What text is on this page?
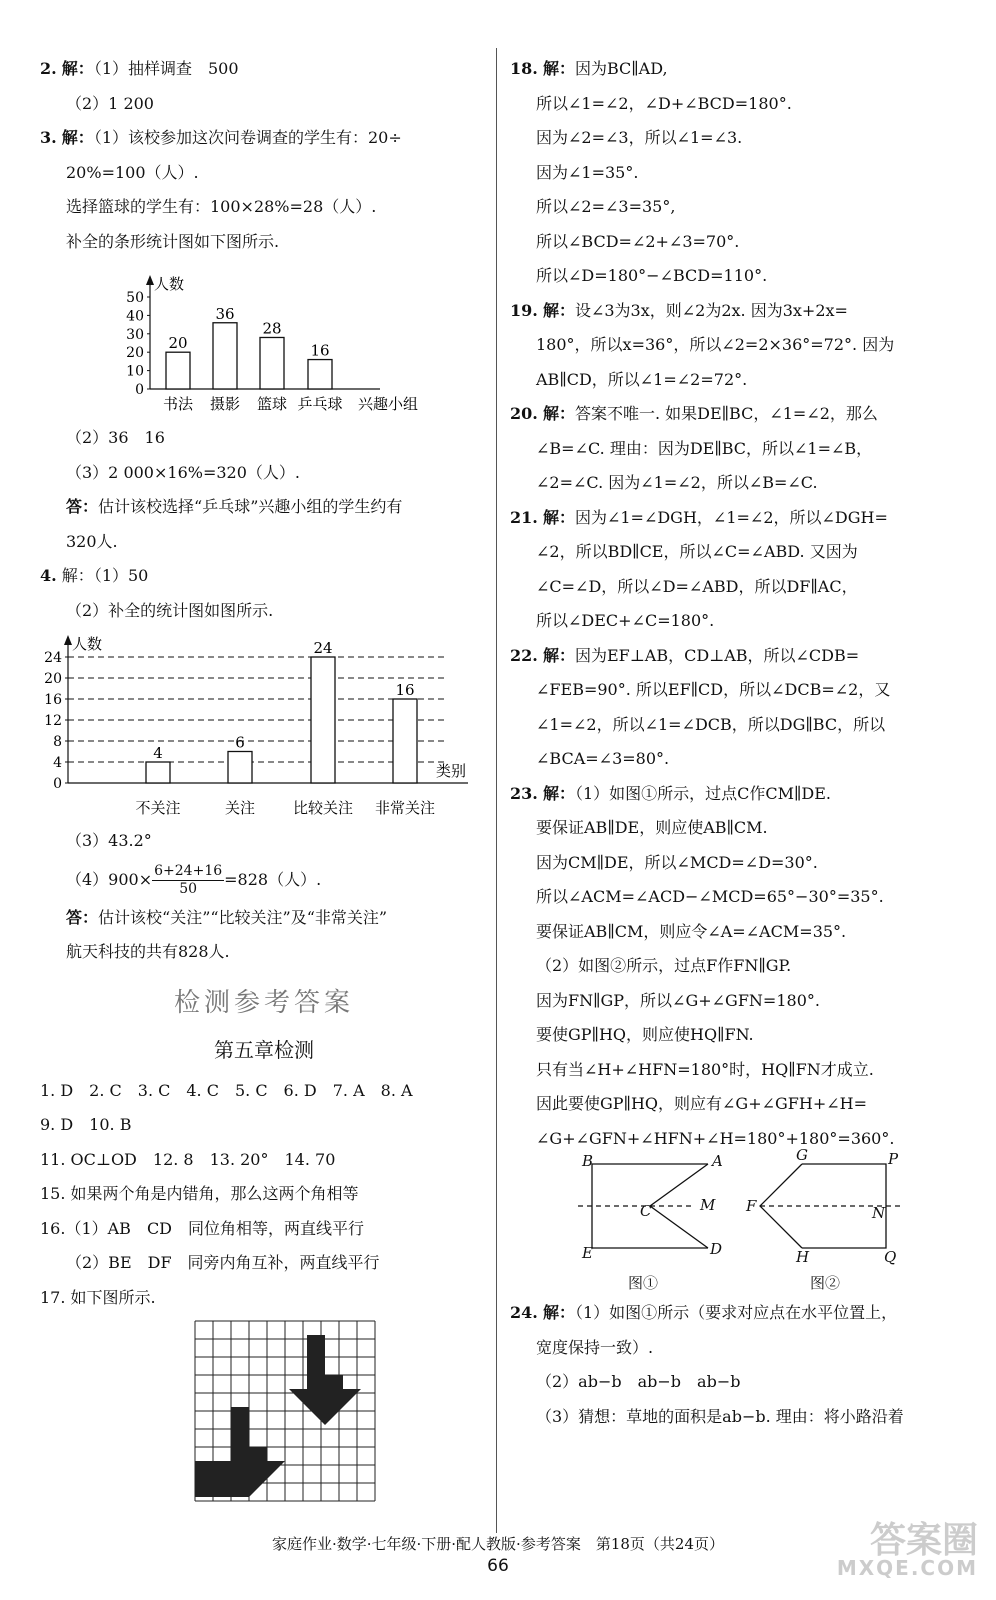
2. 解：（1）抽样调查　500
（2）1 200
3. 解：（1）该校参加这次问卷调查的学生有：20÷
20%=100（人）.
选择篮球的学生有：100×28%=28（人）.
补全的条形统计图如下图所示.
人数
0
10
20
30
40
50
20
书法
36
摄影
28
篮球
16
乒乓球 兴趣小组
（2）36　16
（3）2 000×16%=320（人）.
答：估计该校选择“乒乓球”兴趣小组的学生约有
320人.
4. 解：（1）50
（2）补全的统计图如图所示.
人数
0
4
8
12
16
20
24
4
不关注
6
关注
24
比较关注
16
非常关注
类别
（3）43.2°
$(4)900\times \frac{6+24+16}{50} =828$（人）.
答：估计该校“关注”“比较关注”及“非常关注”
航天科技的共有828人.
检测参考答案
第五章检测
1. D　2. C　3. C　4. C　5. C　6. D　7. A　8. A
9. D　10. B
11. OC⊥OD　12. 8　13. 20°　14. 70
15. 如果两个角是内错角，那么这两个角相等
16.（1）AB　CD　同位角相等，两直线平行
（2）BE　DF　同旁内角互补，两直线平行
17. 如下图所示.
18. 解：因为BC∥AD,
所以∠1=∠2，∠D+∠BCD=180°.
因为∠2=∠3，所以∠1=∠3.
因为∠1=35°.
所以∠2=∠3=35°,
所以∠BCD=∠2+∠3=70°.
所以∠D=180°−∠BCD=110°.
19. 解：设∠3为3x，则∠2为2x. 因为3x+2x=
180°，所以x=36°，所以∠2=2×36°=72°. 因为
AB∥CD，所以∠1=∠2=72°.
20. 解：答案不唯一. 如果DE∥BC，∠1=∠2，那么
∠B=∠C. 理由：因为DE∥BC，所以∠1=∠B，
∠2=∠C. 因为∠1=∠2，所以∠B=∠C.
21. 解：因为∠1=∠DGH，∠1=∠2，所以∠DGH=
∠2，所以BD∥CE，所以∠C=∠ABD. 又因为
∠C=∠D，所以∠D=∠ABD，所以DF∥AC，
所以∠DEC+∠C=180°.
22. 解：因为EF⊥AB，CD⊥AB，所以∠CDB=
∠FEB=90°. 所以EF∥CD，所以∠DCB=∠2，又
∠1=∠2，所以∠1=∠DCB，所以DG∥BC，所以
∠BCA=∠3=80°.
23. 解：（1）如图①所示，过点C作CM∥DE.
要保证AB∥DE，则应使AB∥CM.
因为CM∥DE，所以∠MCD=∠D=30°.
所以∠ACM=∠ACD−∠MCD=65°−30°=35°.
要保证AB∥CM，则应令∠A=∠ACM=35°.
（2）如图②所示，过点F作FN∥GP.
因为FN∥GP，所以∠G+∠GFN=180°.
要使GP∥HQ，则应使HQ∥FN.
只有当∠H+∠HFN=180°时，HQ∥FN才成立.
因此要使GP∥HQ，则应有∠G+∠GFH+∠H=
∠G+∠GFN+∠HFN+∠H=180°+180°=360°.
B	A
C	M
E	D
G	P
F	N
H	Q
图①	图②
24. 解：（1）如图①所示（要求对应点在水平位置上，
宽度保持一致）.
（2）ab−b　ab−b　ab−b
（3）猜想：草地的面积是ab−b. 理由：将小路沿着
家庭作业·数学·七年级·下册·配人教版·参考答案　第18页（共24页）
66
答案圈
MXQE.COM
